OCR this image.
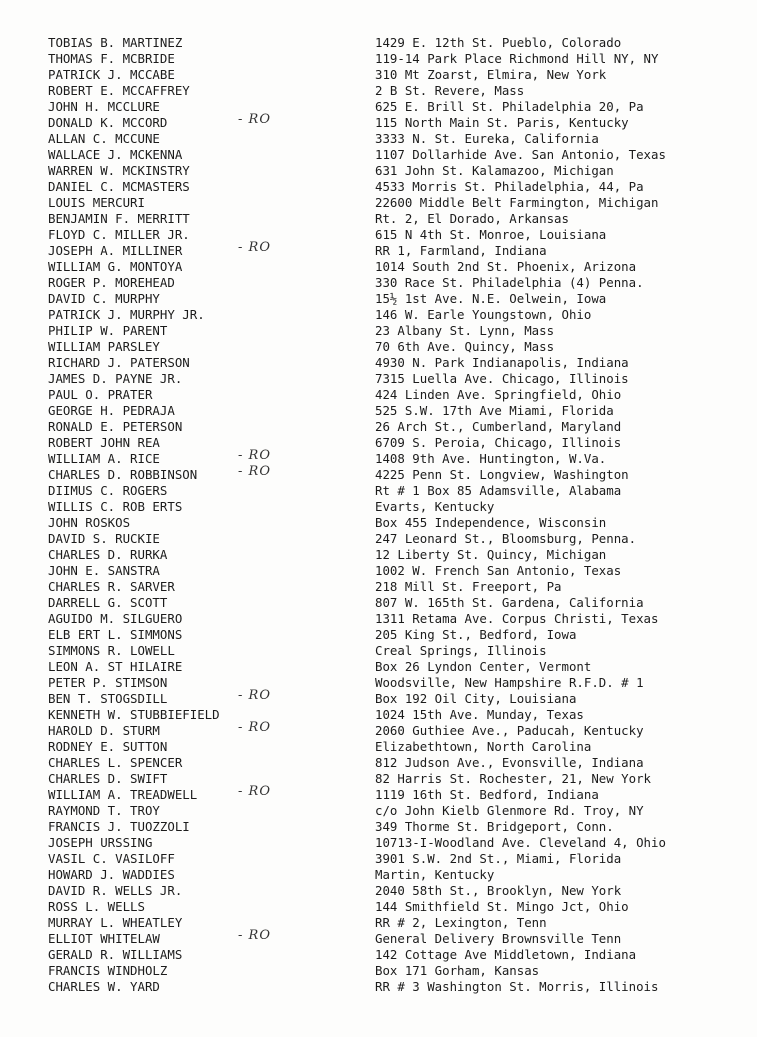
TOBIAS B. MARTINEZ	1429 E. 12th St. Pueblo, Colorado
THOMAS F. MCBRIDE	119-14 Park Place Richmond Hill NY, NY
PATRICK J. MCCABE	310 Mt Zoarst, Elmira, New York
ROBERT E. MCCAFFREY	2 B St. Revere, Mass
JOHN H. MCCLURE	625 E. Brill St. Philadelphia 20, Pa
DONALD K. MCCORD	- RO	115 North Main St. Paris, Kentucky
ALLAN C. MCCUNE	3333 N. St. Eureka, California
WALLACE J. MCKENNA	1107 Dollarhide Ave. San Antonio, Texas
WARREN W. MCKINSTRY	631 John St. Kalamazoo, Michigan
DANIEL C. MCMASTERS	4533 Morris St. Philadelphia, 44, Pa
LOUIS MERCURI	22600 Middle Belt Farmington, Michigan
BENJAMIN F. MERRITT	Rt. 2, El Dorado, Arkansas
FLOYD C. MILLER JR.	615 N 4th St. Monroe, Louisiana
JOSEPH A. MILLINER	- RO	RR 1, Farmland, Indiana
WILLIAM G. MONTOYA	1014 South 2nd St. Phoenix, Arizona
ROGER P. MOREHEAD	330 Race St. Philadelphia (4) Penna.
DAVID C. MURPHY	15½ 1st Ave. N.E. Oelwein, Iowa
PATRICK J. MURPHY JR.	146 W. Earle Youngstown, Ohio
PHILIP W. PARENT	23 Albany St. Lynn, Mass
WILLIAM PARSLEY	70 6th Ave. Quincy, Mass
RICHARD J. PATERSON	4930 N. Park Indianapolis, Indiana
JAMES D. PAYNE JR.	7315 Luella Ave. Chicago, Illinois
PAUL O. PRATER	424 Linden Ave. Springfield, Ohio
GEORGE H. PEDRAJA	525 S.W. 17th Ave Miami, Florida
RONALD E. PETERSON	26 Arch St., Cumberland, Maryland
ROBERT JOHN REA	6709 S. Peroia, Chicago, Illinois
WILLIAM A. RICE	- RO	1408 9th Ave. Huntington, W.Va.
CHARLES D. ROBBINSON	- RO	4225 Penn St. Longview, Washington
DIIMUS C. ROGERS	Rt # 1 Box 85 Adamsville, Alabama
WILLIS C. ROB ERTS	Evarts, Kentucky
JOHN ROSKOS	Box 455 Independence, Wisconsin
DAVID S. RUCKIE	247 Leonard St., Bloomsburg, Penna.
CHARLES D. RURKA	12 Liberty St. Quincy, Michigan
JOHN E. SANSTRA	1002 W. French San Antonio, Texas
CHARLES R. SARVER	218 Mill St. Freeport, Pa
DARRELL G. SCOTT	807 W. 165th St. Gardena, California
AGUIDO M. SILGUERO	1311 Retama Ave. Corpus Christi, Texas
ELB ERT L. SIMMONS	205 King St., Bedford, Iowa
SIMMONS R. LOWELL	Creal Springs, Illinois
LEON A. ST HILAIRE	Box 26 Lyndon Center, Vermont
PETER P. STIMSON	Woodsville, New Hampshire R.F.D. # 1
BEN T. STOGSDILL	- RO	Box 192 Oil City, Louisiana
KENNETH W. STUBBIEFIELD	1024 15th Ave. Munday, Texas
HAROLD D. STURM	- RO	2060 Guthiee Ave., Paducah, Kentucky
RODNEY E. SUTTON	Elizabethtown, North Carolina
CHARLES L. SPENCER	812 Judson Ave., Evonsville, Indiana
CHARLES D. SWIFT	82 Harris St. Rochester, 21, New York
WILLIAM A. TREADWELL	- RO	1119 16th St. Bedford, Indiana
RAYMOND T. TROY	c/o John Kielb Glenmore Rd. Troy, NY
FRANCIS J. TUOZZOLI	349 Thorme St. Bridgeport, Conn.
JOSEPH URSSING	10713-I-Woodland Ave. Cleveland 4, Ohio
VASIL C. VASILOFF	3901 S.W. 2nd St., Miami, Florida
HOWARD J. WADDIES	Martin, Kentucky
DAVID R. WELLS JR.	2040 58th St., Brooklyn, New York
ROSS L. WELLS	144 Smithfield St. Mingo Jct, Ohio
MURRAY L. WHEATLEY	RR # 2, Lexington, Tenn
ELLIOT WHITELAW	- RO	General Delivery Brownsville Tenn
GERALD R. WILLIAMS	142 Cottage Ave Middletown, Indiana
FRANCIS WINDHOLZ	Box 171 Gorham, Kansas
CHARLES W. YARD	RR # 3 Washington St. Morris, Illinois
